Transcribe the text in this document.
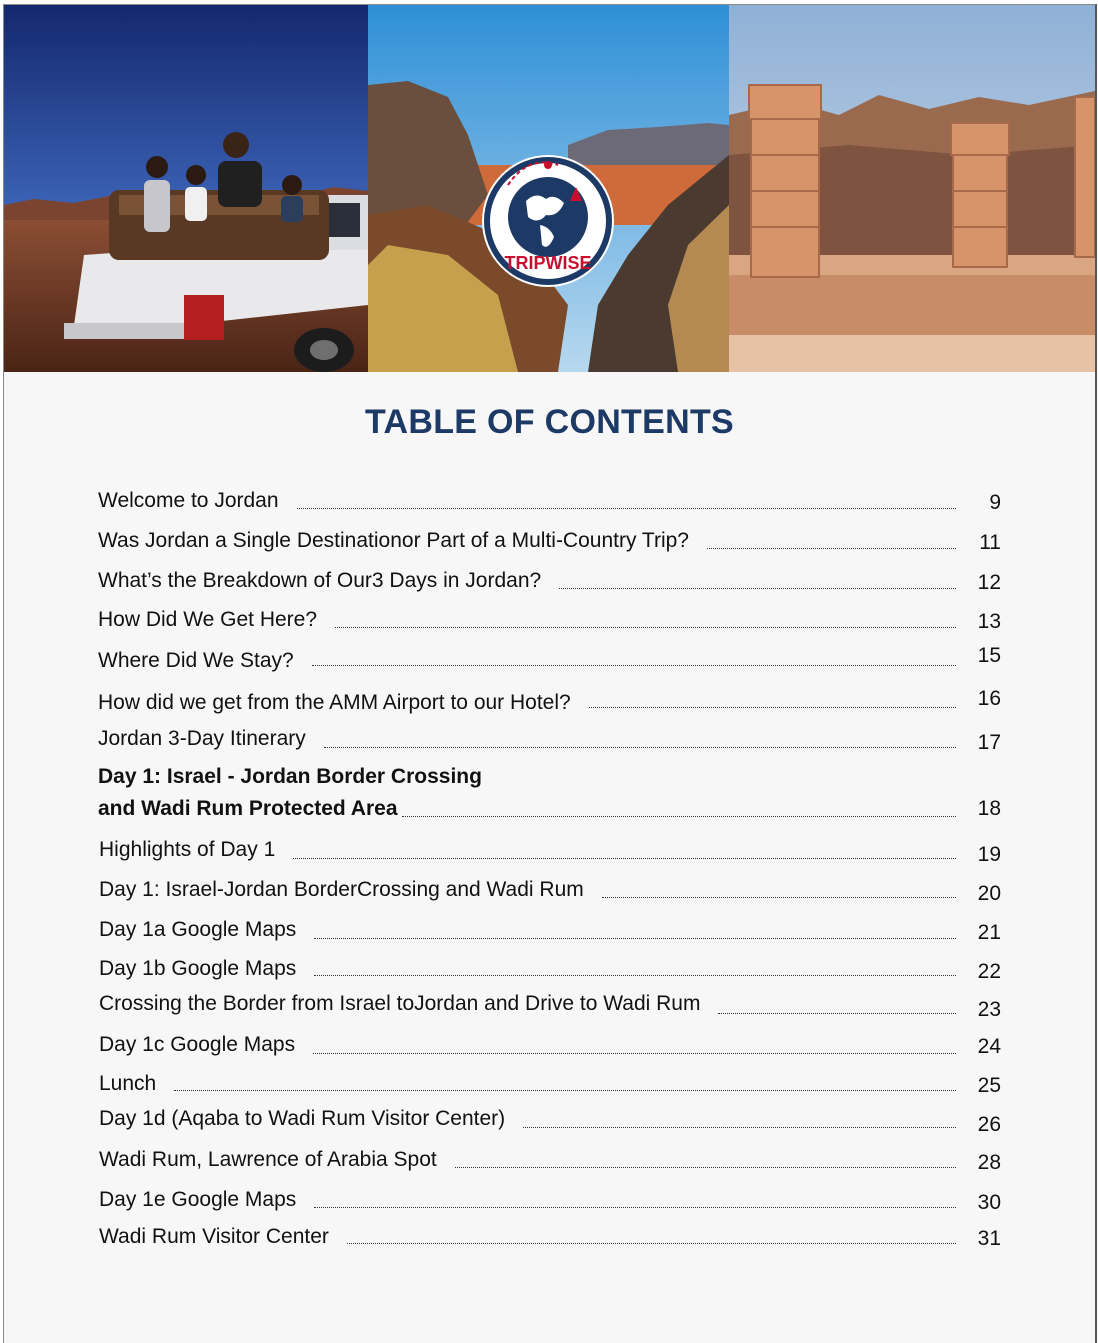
TRIPWISE
TABLE OF CONTENTS
Welcome to Jordan	9
Was Jordan a Single Destinationor Part of a Multi-Country Trip?	11
What’s the Breakdown of Our3 Days in Jordan?	12
How Did We Get Here?	13
Where Did We Stay?	15
How did we get from the AMM Airport to our Hotel?	16
Jordan 3-Day Itinerary	17
Day 1: Israel - Jordan Border Crossing
and Wadi Rum Protected Area	18
Highlights of Day 1	19
Day 1: Israel-Jordan BorderCrossing and Wadi Rum	20
Day 1a Google Maps	21
Day 1b Google Maps	22
Crossing the Border from Israel toJordan and Drive to Wadi Rum	23
Day 1c Google Maps	24
Lunch	25
Day 1d (Aqaba to Wadi Rum Visitor Center)	26
Wadi Rum, Lawrence of Arabia Spot	28
Day 1e Google Maps	30
Wadi Rum Visitor Center	31
